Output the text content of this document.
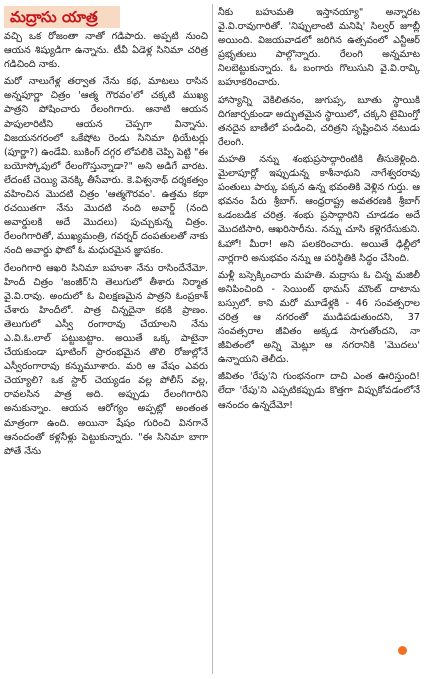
మద్రాసు యాత్ర

వచ్చి ఒక రోజంతా నాతో గడిపారు. అప్పటి నుంచి ఆయన శిష్యుడిగా ఉన్నాను. టీవీ ఏడెళ్ల సినిమా చరిత్ర గడిచింది నాకు.

మరో నాలుగేళ్ల తర్వాత నేను కథ, మాటలు రాసిన అన్నపూర్ణా చిత్రం 'ఆత్మ గౌరవం'లో చక్కటి ముఖ్య పాత్రని పోషించారు రేలంగిగారు. ఆనాటి ఆయన పాపులారిటీని ఆయన చెప్పగా విన్నాను. విజయనగరంలో ఒకేషోట రెండు సినిమా థియేటర్లు (పూర్ణా?) ఉండేవి. బుకింగ్ దగ్గర లోపలికి చెప్పి పెట్టి "ఈ బయోస్కోపులో రేలంగొస్తున్నాడా?" అని అడిగే వారట. లేదంటే చెయ్యి వెనక్కి తీసేవారు. కె.విశ్వనాథ్ దర్శకత్వం వహించిన మొదటి చిత్రం 'ఆత్మగౌరవం'. ఉత్తమ కథా రచయితగా నేను మొదటి నంది అవార్డ్ (నంది అవార్డులకి అదే మొదలు) పుచ్చుకున్న చిత్రం. రేలంగిగారితో, ముఖ్యమంత్రి, గవర్నర్ దంపతులతో నాకు నంది అవార్డు ఫొటో ఓ మధురమైన జ్ఞాపకం.

రేలంగిగారి ఆఖరి సినిమా బహుశా నేను రాసిందేనేమో. హిందీ చిత్రం 'జంజీర్'ని తెలుగులో తీశారు నిర్మాత వై.వి.రావు. అందులో ఓ విలక్షణమైన పాత్రని ఓంప్రకాశ్ చేశారు హిందీలో. పాత్ర చిన్నదైనా కథకి ప్రాణం. తెలుగులో ఎస్వీ రంగారావు చేయాలని నేను ఎ.వి.ఓ.లాల్ పట్టుబట్టాం. అయితే ఒక్క పాటైనా చేయకుండా షూటింగ్ ప్రారంభమైన తొలి రోజుల్లోనే ఎస్వీరంగారావు కన్నుమూశారు. మరి ఆ వేషం ఎవరు చెయ్యాలి? ఒక స్టార్ చెయ్యడం వల్ల పోలీస్ వల్ల, రావలసిన పాత్ర అది. అప్పుడు రేలంగిగారిని అనుకున్నాం. ఆయన ఆరోగ్యం అప్పట్లో అంతంత మాత్రంగా ఉంది. అయినా షేషం గురించి వినగానే ఆనందంతో కళ్లనీళ్లు పెట్టుకున్నారు. "ఈ సినిమా బాగా పోతే నేను

నీకు బహుమతి ఇస్తానయ్యా" అన్నారట వై.వి.రావుగారితో. 'నిప్పులాంటి మనిషి' సిల్వర్ జూబ్లీ అయింది. విజయవాడలో జరిగిన ఉత్సవంలో ఎన్టీఆర్ ప్రభృతులు పాల్గొన్నారు. రేలంగి అన్నమాట నిలబెట్టుకున్నారు. ఓ బంగారు గొలుసుని వై.వి.రావ్కి బహూకరించారు.

హాస్యాన్ని వెకిలితనం, జుగుప్స, బూతు స్థాయికి దిగజార్చకుండా అద్భుతమైన స్థాయిలో, చక్కని టైమింగ్తో తనదైన బాణీలో పండించి, చరిత్రని సృష్టించిన నటుడు రేలంగి.

మహతి నన్ను శంభుప్రసాద్గారింటికి తీసుకెళ్లింది. మైలాపూర్లో ఇప్పుడున్న కాశీనాథుని నాగేశ్వరరావు పంతులు పార్కు పక్కన ఉన్న భవంతికి వెళ్లిన గుర్తు. ఆ భవనం పేరు శ్రీబాగ్. ఆంధ్రరాష్ట్ర అవతరణకి శ్రీబాగ్ ఒడంబడిక చరిత్ర. శంభు ప్రసాద్గారిని చూడడం అదే మొదటిసారి, ఆఖరిసారీను. నన్ను చూసి కళ్లెగరేసుకుని. ఓహో! మీరా! అని పలకరించారు. అయితే ఢిల్లీలో నార్లగారి అనుభవం నన్ను ఆ పరిస్థితికి సిద్ధం చేసింది.

మళ్లీ బస్సెక్కించారు మహతి. మద్రాసు ఓ చిన్న మజిలీ అనిపించింది - సెయింట్ థామస్ మౌంట్ దాటాను బస్సులో. కాని మరో మూడేళ్లకి - 46 సంవత్సరాల చరిత్ర ఆ నగరంతో ముడిపడుతుందని, 37 సంవత్సరాల జీవితం అక్కడ సాగుతోందని, నా జీవితంలో అన్ని మెట్లూ ఆ నగరానికి 'మొదలు' ఉన్నాయని తెలీదు.

జీవితం 'రేపు'ని గుంభనంగా దాచి ఎంత ఊరిస్తుంది! లేదా 'రేపు'ని ఎప్పటికప్పుడు కొత్తగా విప్పుకోవడంలోనే ఆనందం ఉన్నదేమో!
